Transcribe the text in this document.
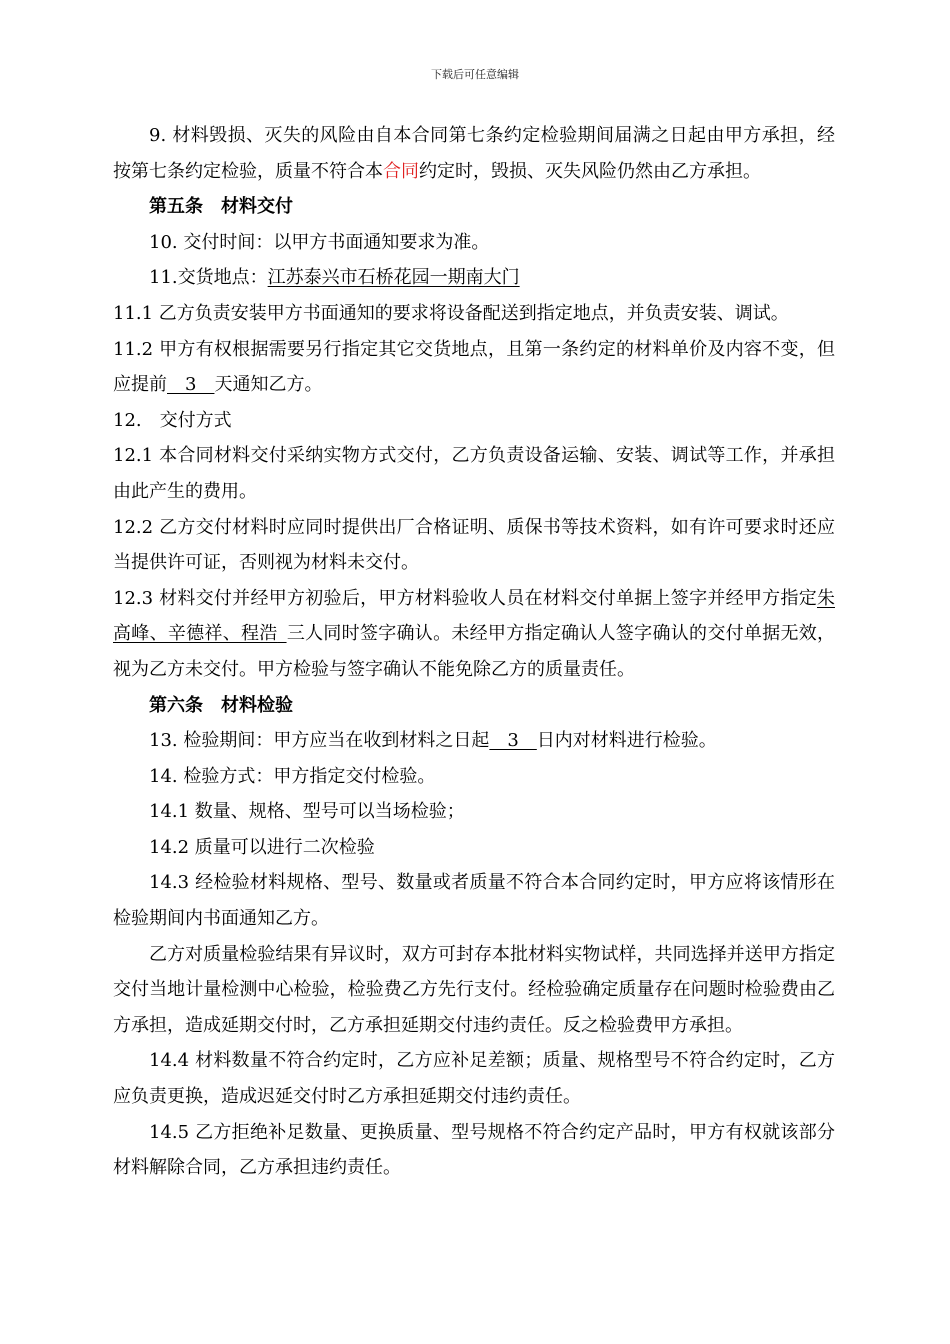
下载后可任意编辑

9. 材料毁损、灭失的风险由自本合同第七条约定检验期间届满之日起由甲方承担，经按第七条约定检验，质量不符合本合同约定时，毁损、灭失风险仍然由乙方承担。

第五条　材料交付

10. 交付时间：以甲方书面通知要求为准。

11.交货地点：江苏泰兴市石桥花园一期南大门

11.1 乙方负责安装甲方书面通知的要求将设备配送到指定地点，并负责安装、调试。

11.2 甲方有权根据需要另行指定其它交货地点，且第一条约定的材料单价及内容不变，但应提前　3　天通知乙方。

12.　交付方式

12.1 本合同材料交付采纳实物方式交付，乙方负责设备运输、安装、调试等工作，并承担由此产生的费用。

12.2 乙方交付材料时应同时提供出厂合格证明、质保书等技术资料，如有许可要求时还应当提供许可证，否则视为材料未交付。

12.3 材料交付并经甲方初验后，甲方材料验收人员在材料交付单据上签字并经甲方指定朱高峰、辛德祥、程浩  三人同时签字确认。未经甲方指定确认人签字确认的交付单据无效，视为乙方未交付。甲方检验与签字确认不能免除乙方的质量责任。

第六条　材料检验

13. 检验期间：甲方应当在收到材料之日起　3　日内对材料进行检验。

14. 检验方式：甲方指定交付检验。

14.1 数量、规格、型号可以当场检验；

14.2 质量可以进行二次检验

14.3 经检验材料规格、型号、数量或者质量不符合本合同约定时，甲方应将该情形在检验期间内书面通知乙方。

乙方对质量检验结果有异议时，双方可封存本批材料实物试样，共同选择并送甲方指定交付当地计量检测中心检验，检验费乙方先行支付。经检验确定质量存在问题时检验费由乙方承担，造成延期交付时，乙方承担延期交付违约责任。反之检验费甲方承担。

14.4 材料数量不符合约定时，乙方应补足差额；质量、规格型号不符合约定时，乙方应负责更换，造成迟延交付时乙方承担延期交付违约责任。

14.5 乙方拒绝补足数量、更换质量、型号规格不符合约定产品时，甲方有权就该部分材料解除合同，乙方承担违约责任。
